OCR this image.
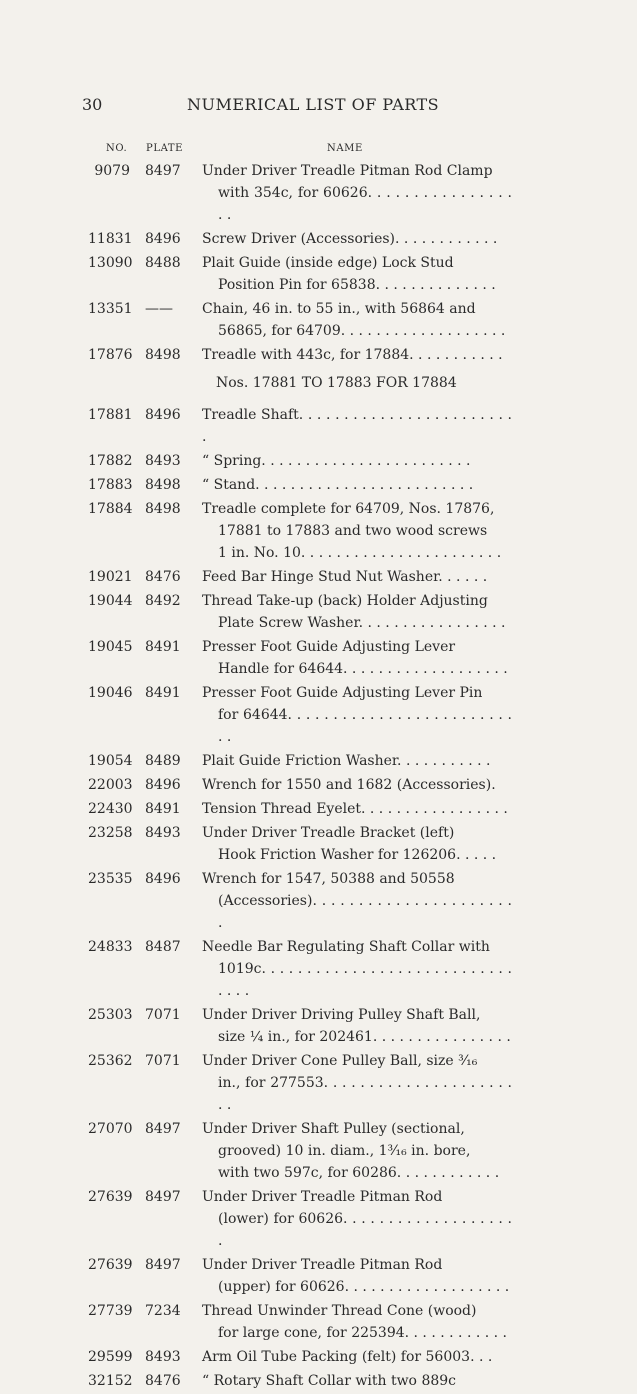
30	NUMERICAL LIST OF PARTS
NO. PLATE	NAME
9079 8497	Under Driver Treadle Pitman Rod Clamp
with 354c, for 60626. . . . . . . . . . . . . . . . . .
11831 8496	Screw Driver (Accessories). . . . . . . . . . . .
13090 8488	Plait Guide (inside edge) Lock Stud
Position Pin for 65838. . . . . . . . . . . . . .
13351 ——	Chain, 46 in. to 55 in., with 56864 and
56865, for 64709. . . . . . . . . . . . . . . . . . .
17876 8498	Treadle with 443c, for 17884. . . . . . . . . . .
Nos. 17881 TO 17883 FOR 17884
17881 8496	Treadle Shaft. . . . . . . . . . . . . . . . . . . . . . . . .
17882 8493	“ Spring. . . . . . . . . . . . . . . . . . . . . . . .
17883 8498	“ Stand. . . . . . . . . . . . . . . . . . . . . . . . .
17884 8498	Treadle complete for 64709, Nos. 17876,
17881 to 17883 and two wood screws
1 in. No. 10. . . . . . . . . . . . . . . . . . . . . . .
19021 8476	Feed Bar Hinge Stud Nut Washer. . . . . .
19044 8492	Thread Take-up (back) Holder Adjusting
Plate Screw Washer. . . . . . . . . . . . . . . . .
19045 8491	Presser Foot Guide Adjusting Lever
Handle for 64644. . . . . . . . . . . . . . . . . . .
19046 8491	Presser Foot Guide Adjusting Lever Pin
for 64644. . . . . . . . . . . . . . . . . . . . . . . . . . .
19054 8489	Plait Guide Friction Washer. . . . . . . . . . .
22003 8496	Wrench for 1550 and 1682 (Accessories).
22430 8491	Tension Thread Eyelet. . . . . . . . . . . . . . . . .
23258 8493	Under Driver Treadle Bracket (left)
Hook Friction Washer for 126206. . . . .
23535 8496	Wrench for 1547, 50388 and 50558
(Accessories). . . . . . . . . . . . . . . . . . . . . . .
24833 8487	Needle Bar Regulating Shaft Collar with
1019c. . . . . . . . . . . . . . . . . . . . . . . . . . . . . . . .
25303 7071	Under Driver Driving Pulley Shaft Ball,
size ¼ in., for 202461. . . . . . . . . . . . . . . .
25362 7071	Under Driver Cone Pulley Ball, size ³⁄₁₆
in., for 277553. . . . . . . . . . . . . . . . . . . . . . .
27070 8497	Under Driver Shaft Pulley (sectional,
grooved) 10 in. diam., 1³⁄₁₆ in. bore,
with two 597c, for 60286. . . . . . . . . . . .
27639 8497	Under Driver Treadle Pitman Rod
(lower) for 60626. . . . . . . . . . . . . . . . . . . .
27639 8497	Under Driver Treadle Pitman Rod
(upper) for 60626. . . . . . . . . . . . . . . . . . .
27739 7234	Thread Unwinder Thread Cone (wood)
for large cone, for 225394. . . . . . . . . . . .
29599 8493	Arm Oil Tube Packing (felt) for 56003. . .
32152 8476	“ Rotary Shaft Collar with two 889c
